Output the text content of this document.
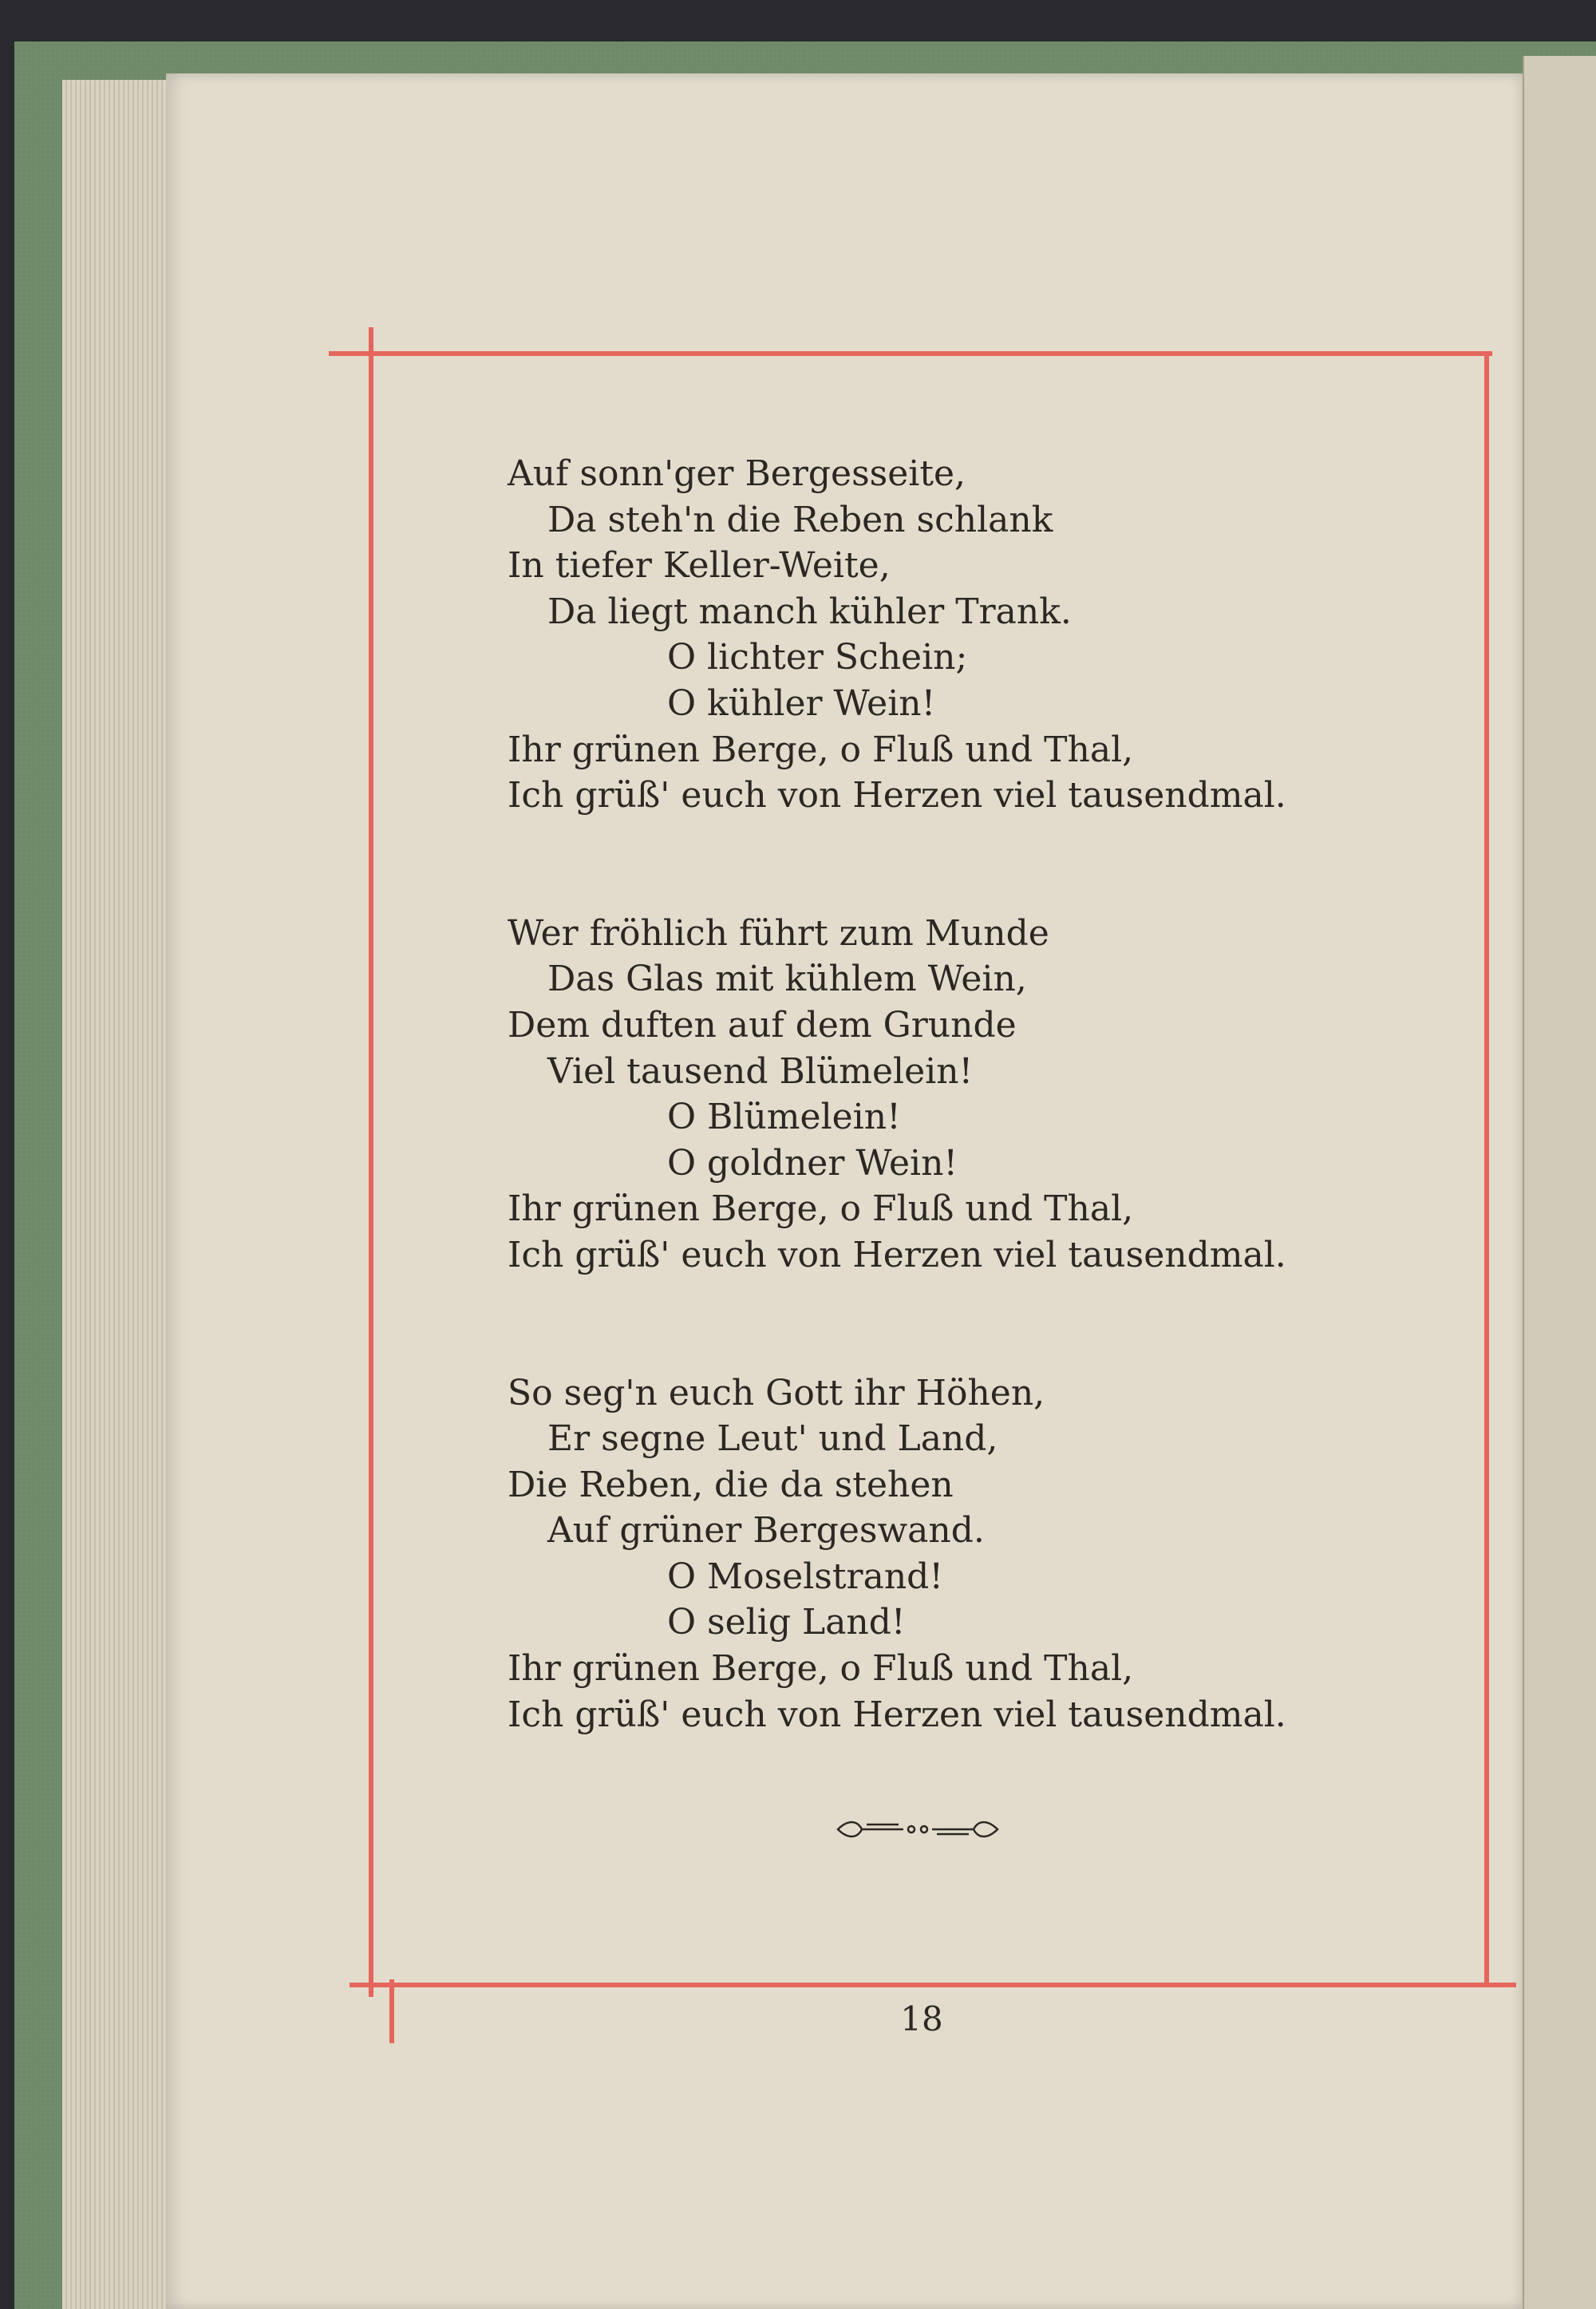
Auf sonn'ger Bergesseite,
Da steh'n die Reben schlank
In tiefer Keller-Weite,
Da liegt manch kühler Trank.
O lichter Schein;
O kühler Wein!
Ihr grünen Berge, o Fluß und Thal,
Ich grüß' euch von Herzen viel tausendmal.
Wer fröhlich führt zum Munde
Das Glas mit kühlem Wein,
Dem duften auf dem Grunde
Viel tausend Blümelein!
O Blümelein!
O goldner Wein!
Ihr grünen Berge, o Fluß und Thal,
Ich grüß' euch von Herzen viel tausendmal.
So seg'n euch Gott ihr Höhen,
Er segne Leut' und Land,
Die Reben, die da stehen
Auf grüner Bergeswand.
O Moselstrand!
O selig Land!
Ihr grünen Berge, o Fluß und Thal,
Ich grüß' euch von Herzen viel tausendmal.
18
